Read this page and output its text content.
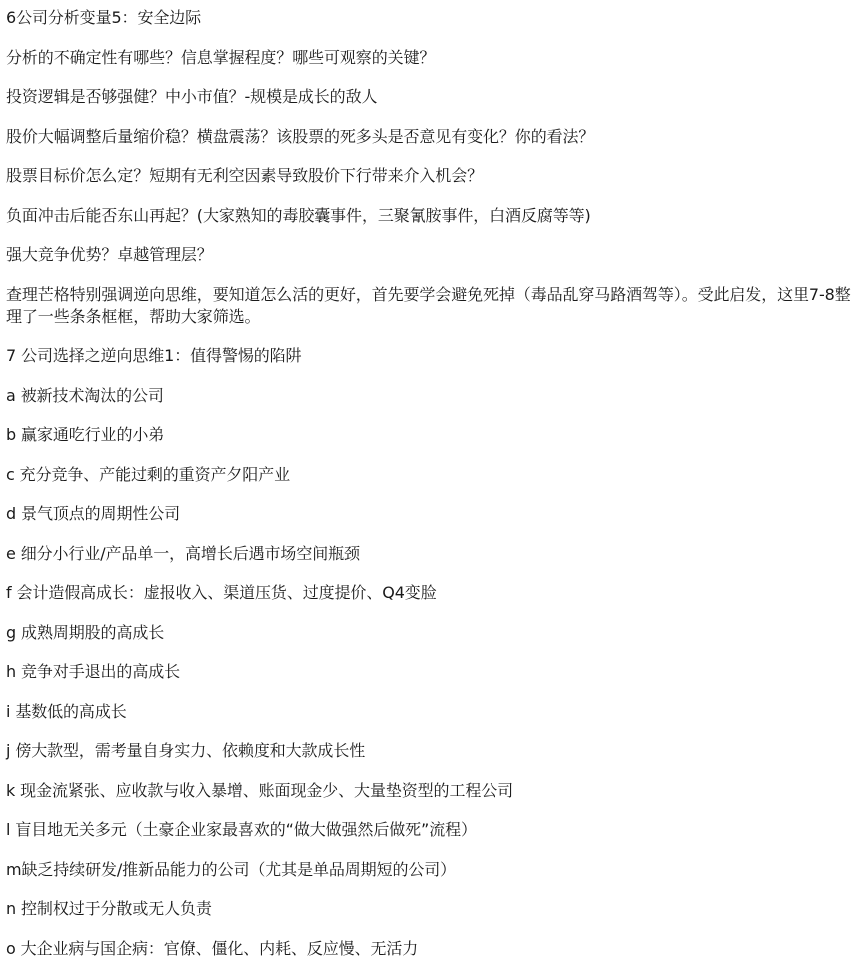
6公司分析变量5：安全边际

分析的不确定性有哪些？信息掌握程度？哪些可观察的关键？

投资逻辑是否够强健？中小市值？-规模是成长的敌人

股价大幅调整后量缩价稳？横盘震荡？该股票的死多头是否意见有变化？你的看法？

股票目标价怎么定？短期有无利空因素导致股价下行带来介入机会？

负面冲击后能否东山再起？(大家熟知的毒胶囊事件，三聚氰胺事件，白酒反腐等等)

强大竞争优势？卓越管理层？

查理芒格特别强调逆向思维，要知道怎么活的更好，首先要学会避免死掉（毒品乱穿马路酒驾等）。受此启发，这里7-8整理了一些条条框框，帮助大家筛选。

7 公司选择之逆向思维1：值得警惕的陷阱

a 被新技术淘汰的公司

b 赢家通吃行业的小弟

c 充分竞争、产能过剩的重资产夕阳产业

d 景气顶点的周期性公司

e 细分小行业/产品单一，高增长后遇市场空间瓶颈

f 会计造假高成长：虚报收入、渠道压货、过度提价、Q4变脸

g 成熟周期股的高成长

h 竞争对手退出的高成长

i 基数低的高成长

j 傍大款型，需考量自身实力、依赖度和大款成长性

k 现金流紧张、应收款与收入暴增、账面现金少、大量垫资型的工程公司

l 盲目地无关多元（土豪企业家最喜欢的“做大做强然后做死”流程）

m缺乏持续研发/推新品能力的公司（尤其是单品周期短的公司）

n 控制权过于分散或无人负责

o 大企业病与国企病：官僚、僵化、内耗、反应慢、无活力
